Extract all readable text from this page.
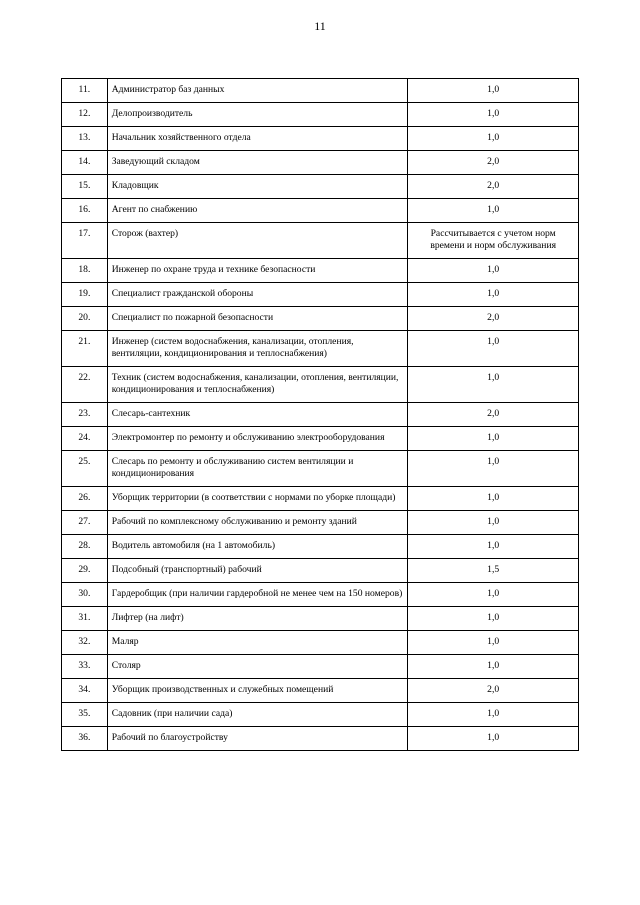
11
11.	Администратор баз данных	1,0
12.	Делопроизводитель	1,0
13.	Начальник хозяйственного отдела	1,0
14.	Заведующий складом	2,0
15.	Кладовщик	2,0
16.	Агент по снабжению	1,0
17.	Сторож (вахтер)	Рассчитывается с учетом норм времени и норм обслуживания
18.	Инженер по охране труда и технике безопасности	1,0
19.	Специалист гражданской обороны	1,0
20.	Специалист по пожарной безопасности	2,0
21.	Инженер (систем водоснабжения, канализации, отопления, вентиляции, кондиционирования и теплоснабжения)	1,0
22.	Техник (систем водоснабжения, канализации, отопления, вентиляции, кондиционирования и теплоснабжения)	1,0
23.	Слесарь-сантехник	2,0
24.	Электромонтер по ремонту и обслуживанию электрооборудования	1,0
25.	Слесарь по ремонту и обслуживанию систем вентиляции и кондиционирования	1,0
26.	Уборщик территории (в соответствии с нормами по уборке площади)	1,0
27.	Рабочий по комплексному обслуживанию и ремонту зданий	1,0
28.	Водитель автомобиля (на 1 автомобиль)	1,0
29.	Подсобный (транспортный) рабочий	1,5
30.	Гардеробщик (при наличии гардеробной не менее чем на 150 номеров)	1,0
31.	Лифтер (на лифт)	1,0
32.	Маляр	1,0
33.	Столяр	1,0
34.	Уборщик производственных и служебных помещений	2,0
35.	Садовник (при наличии сада)	1,0
36.	Рабочий по благоустройству	1,0
